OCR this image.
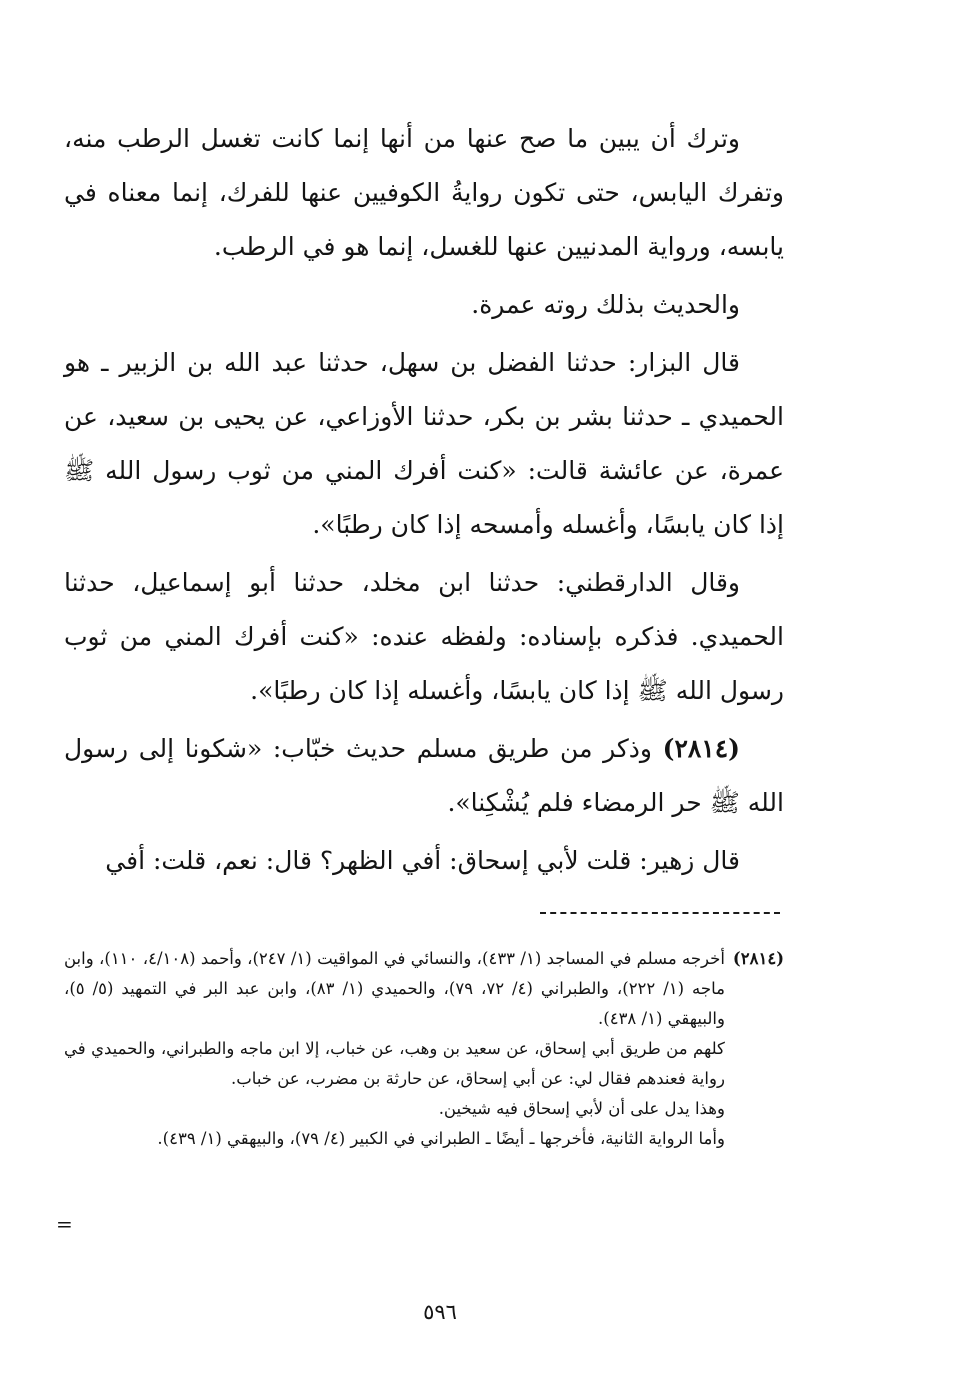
وترك أن يبين ما صح عنها من أنها إنما كانت تغسل الرطب منه، وتفرك اليابس، حتى تكون روايةُ الكوفيين عنها للفرك، إنما معناه في يابسه، ورواية المدنيين عنها للغسل، إنما هو في الرطب.

والحديث بذلك روته عمرة.

قال البزار: حدثنا الفضل بن سهل، حدثنا عبد الله بن الزبير ـ هو الحميدي ـ حدثنا بشر بن بكر، حدثنا الأوزاعي، عن يحيى بن سعيد، عن عمرة، عن عائشة قالت: «كنت أفرك المني من ثوب رسول الله ﷺ إذا كان يابسًا، وأغسله وأمسحه إذا كان رطبًا».

وقال الدارقطني: حدثنا ابن مخلد، حدثنا أبو إسماعيل، حدثنا الحميدي. فذكره بإسناده: ولفظه عنده: «كنت أفرك المني من ثوب رسول الله ﷺ إذا كان يابسًا، وأغسله إذا كان رطبًا».

(٢٨١٤) وذكر من طريق مسلم حديث خبّاب: «شكونا إلى رسول الله ﷺ حر الرمضاء فلم يُشْكِنا».

قال زهير: قلت لأبي إسحاق: أفي الظهر؟ قال: نعم، قلت: أفي

(٢٨١٤)

أخرجه مسلم في المساجد (١/ ٤٣٣)، والنسائي في المواقيت (١/ ٢٤٧)، وأحمد (٤/١٠٨، ١١٠)، وابن ماجه (١/ ٢٢٢)، والطبراني (٤/ ٧٢، ٧٩)، والحميدي (١/ ٨٣)، وابن عبد البر في التمهيد (٥/ ٥)، والبيهقي (١/ ٤٣٨).

كلهم من طريق أبي إسحاق، عن سعيد بن وهب، عن خباب، إلا ابن ماجه والطبراني، والحميدي في رواية فعندهم فقال لي: عن أبي إسحاق، عن حارثة بن مضرب، عن خباب.

وهذا يدل على أن لأبي إسحاق فيه شيخين.

وأما الرواية الثانية، فأخرجها ـ أيضًا ـ الطبراني في الكبير (٤/ ٧٩)، والبيهقي (١/ ٤٣٩).

=
٥٩٦
